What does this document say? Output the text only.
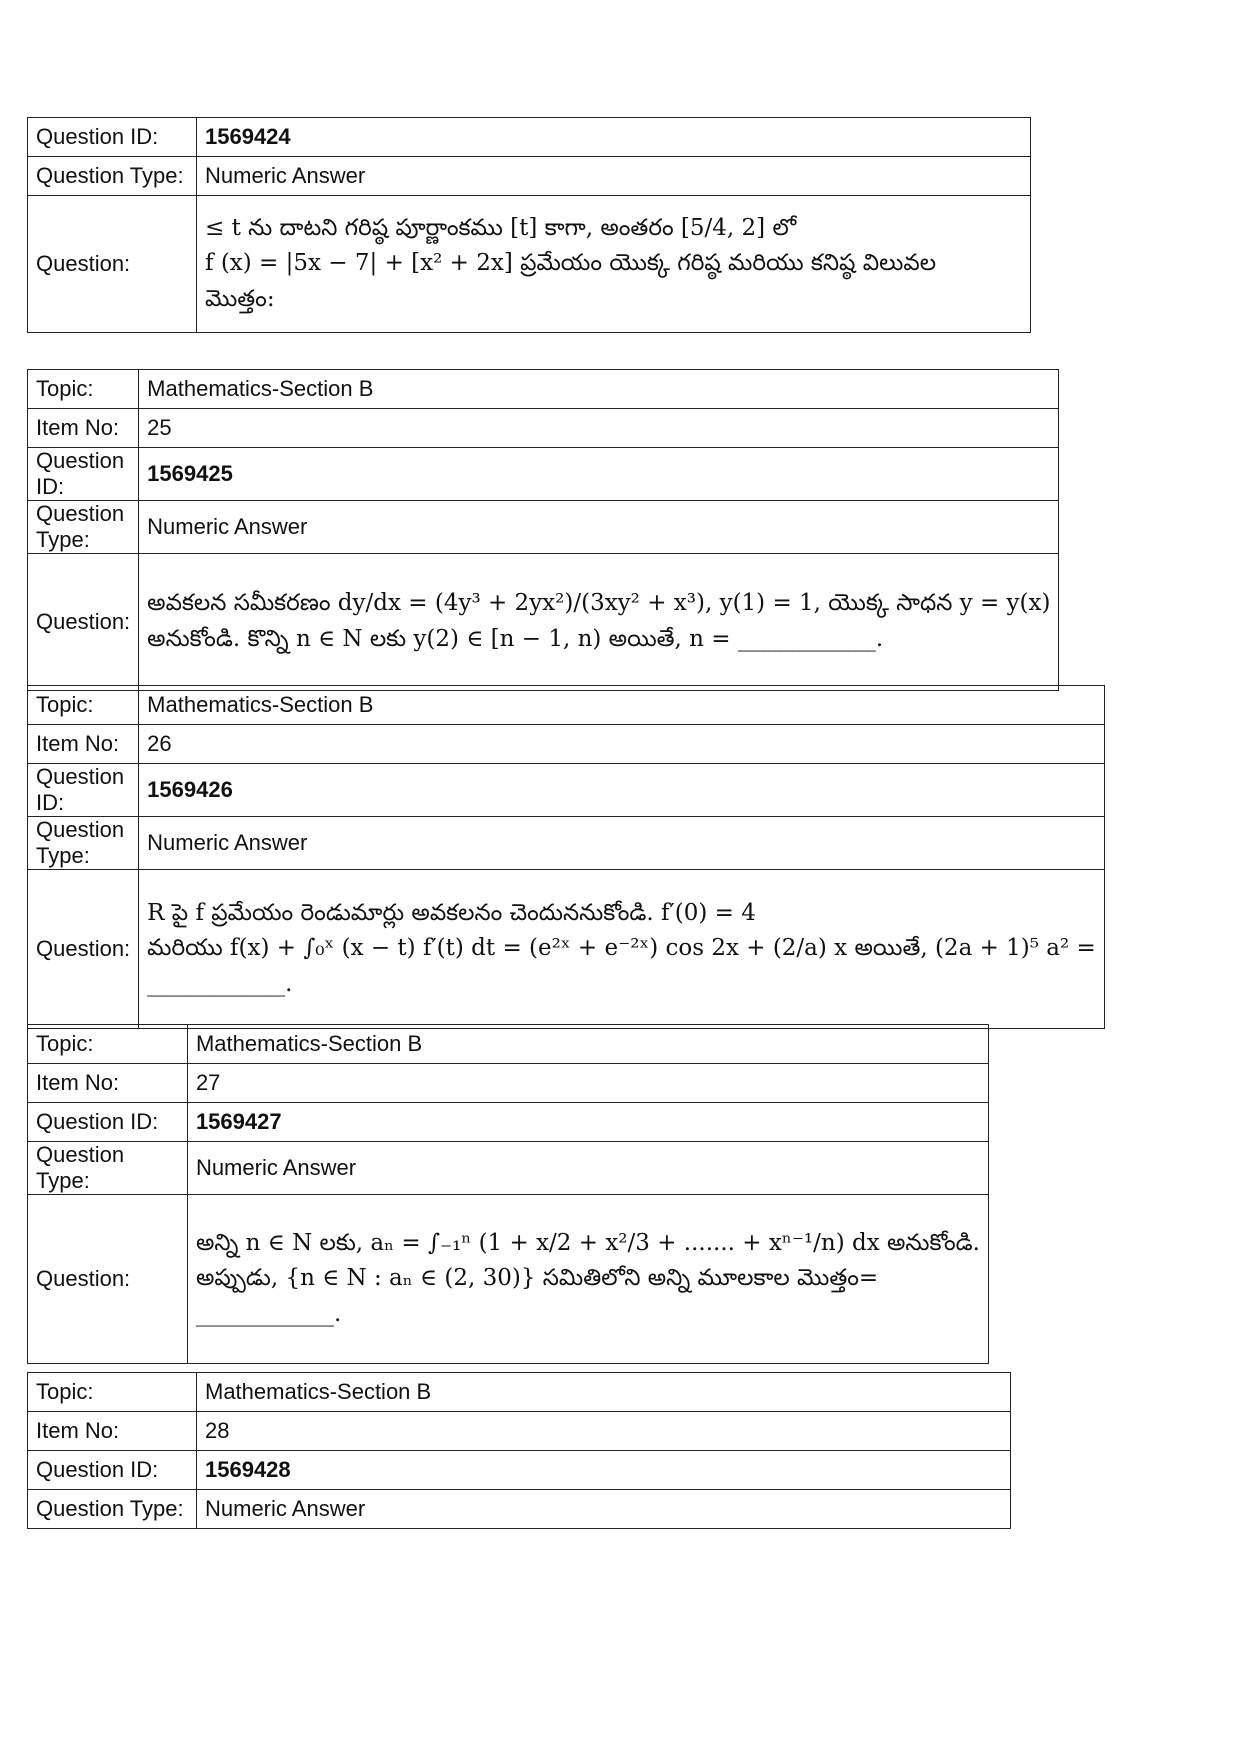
Question ID:	1569424
Question Type:	Numeric Answer
Question:	≤ t ను దాటని గరిష్ఠ పూర్ణాంకము [t] కాగా, అంతరం [5/4, 2] లో
f (x) = |5x − 7| + [x² + 2x] ప్రమేయం యొక్క గరిష్ఠ మరియు కనిష్ఠ విలువల
మొత్తం:
Topic:	Mathematics-Section B
Item No:	25
Question ID:	1569425
Question Type:	Numeric Answer
Question:	అవకలన సమీకరణం dy/dx = (4y³ + 2yx²)/(3xy² + x³), y(1) = 1, యొక్క సాధన y = y(x)
అనుకోండి. కొన్ని n ∈ N లకు y(2) ∈ [n − 1, n) అయితే, n = ____________.
Topic:	Mathematics-Section B
Item No:	26
Question ID:	1569426
Question Type:	Numeric Answer
Question:	R పై f ప్రమేయం రెండుమార్లు అవకలనం చెందుననుకోండి. f′(0) = 4
మరియు f(x) + ∫₀ˣ (x − t) f′(t) dt = (e²ˣ + e⁻²ˣ) cos 2x + (2/a) x అయితే, (2a + 1)⁵ a² =
____________.
Topic:	Mathematics-Section B
Item No:	27
Question ID:	1569427
Question Type:	Numeric Answer
Question:	అన్ని n ∈ N లకు, aₙ = ∫₋₁ⁿ (1 + x/2 + x²/3 + ....... + xⁿ⁻¹/n) dx అనుకోండి.
అప్పుడు, {n ∈ N : aₙ ∈ (2, 30)} సమితిలోని అన్ని మూలకాల మొత్తం=
____________.
Topic:	Mathematics-Section B
Item No:	28
Question ID:	1569428
Question Type:	Numeric Answer
